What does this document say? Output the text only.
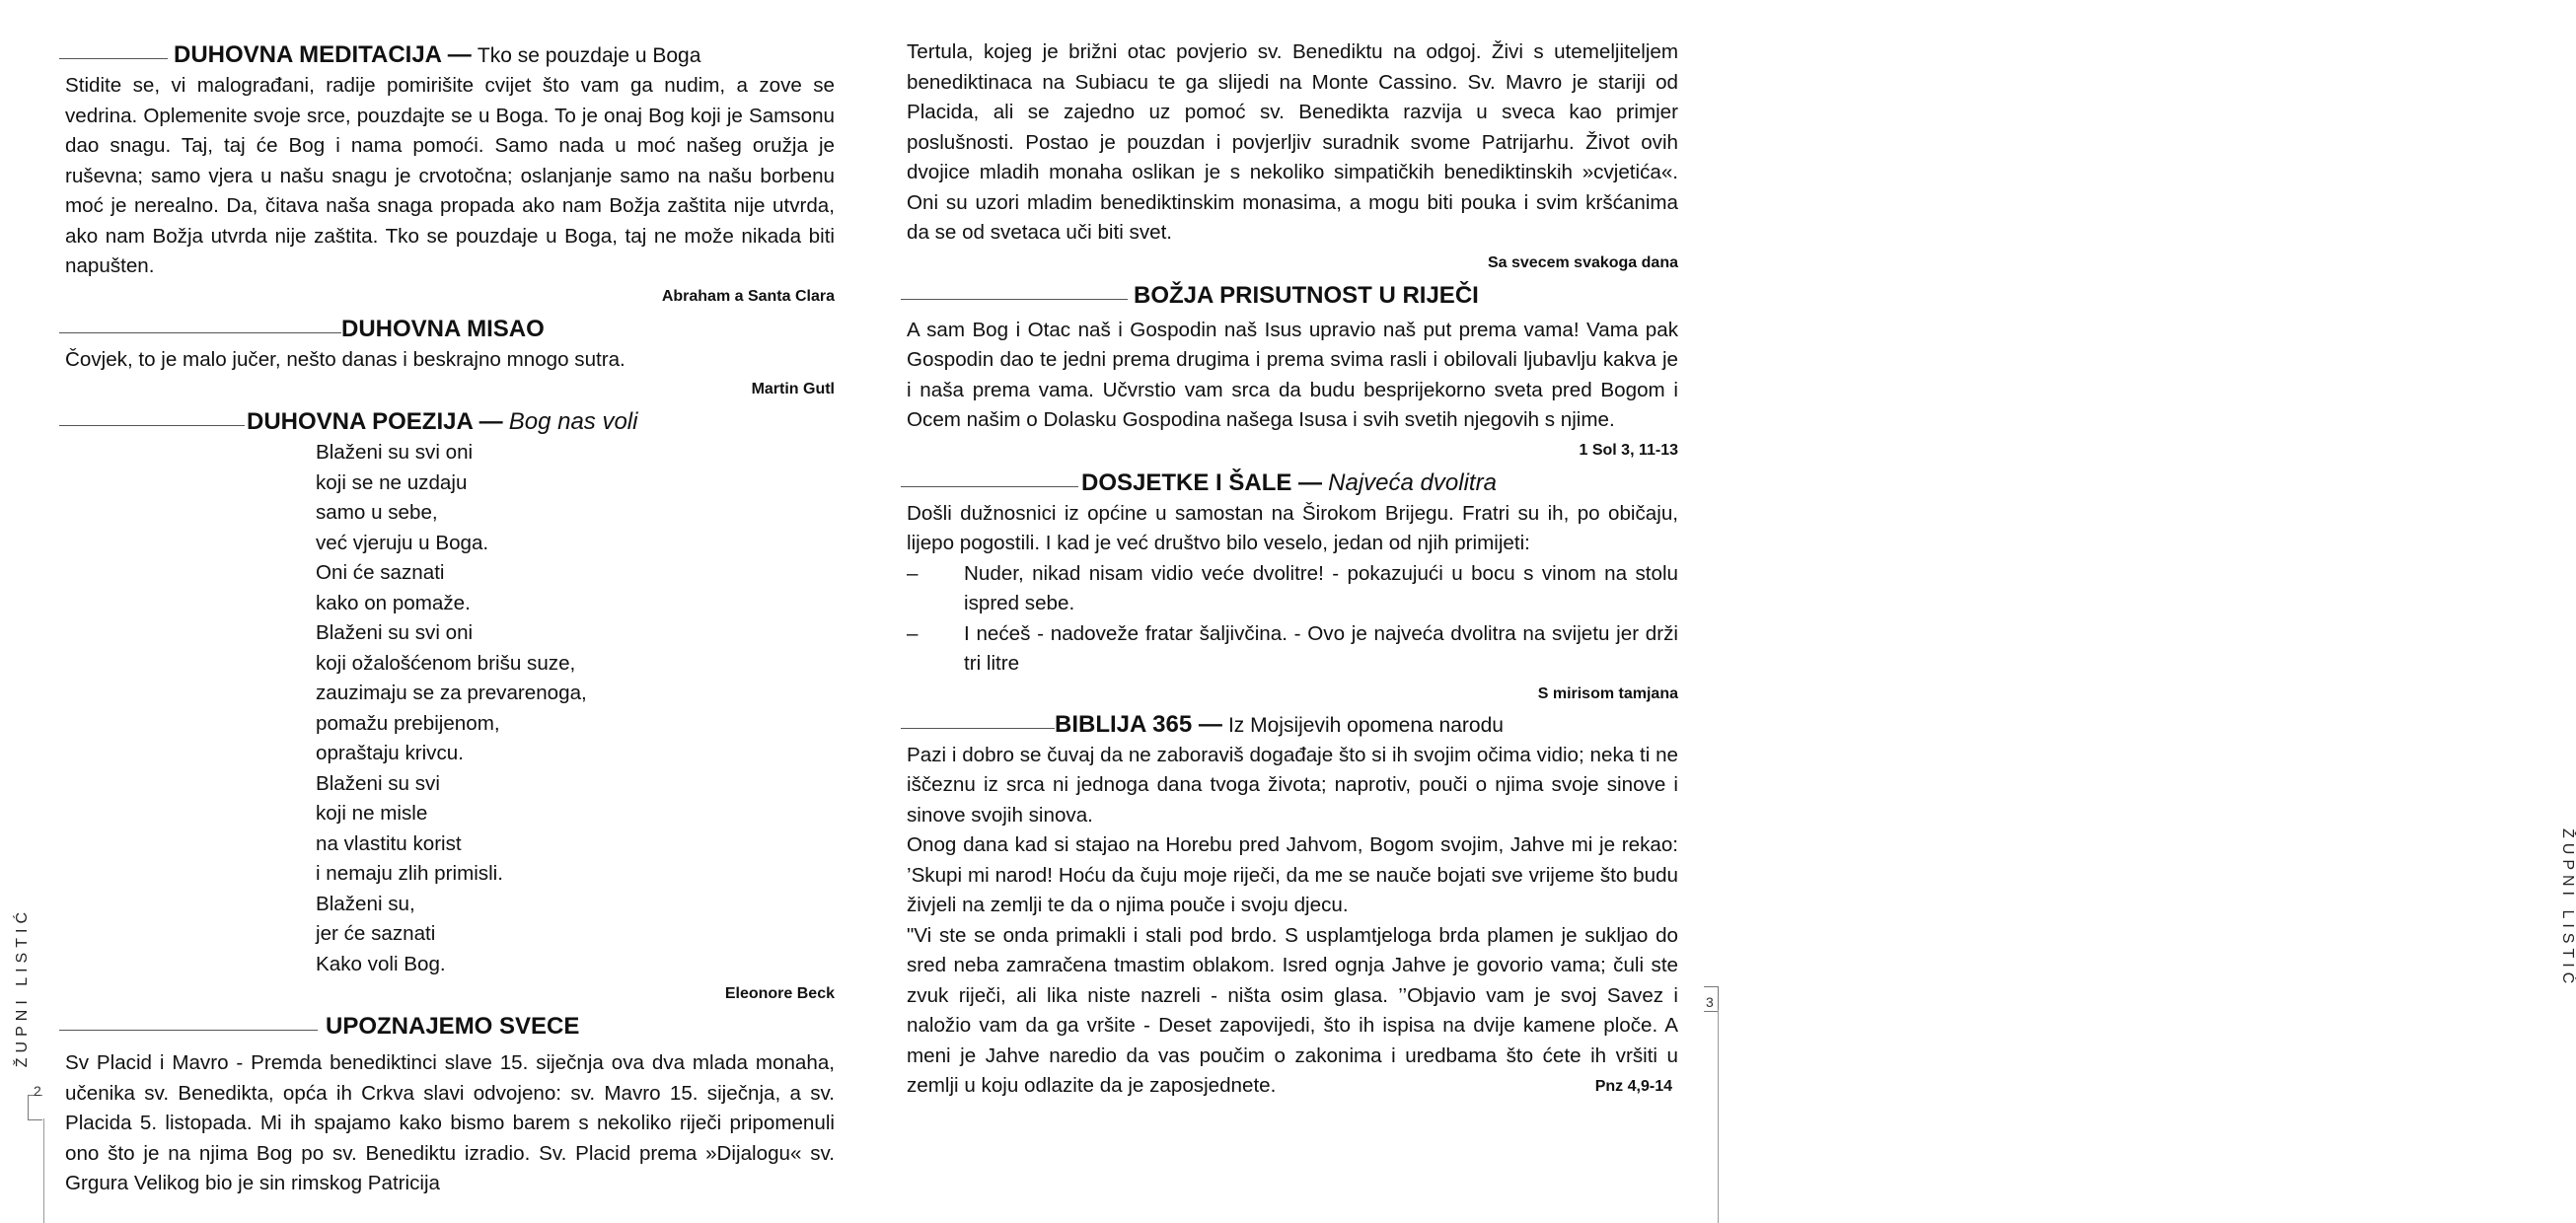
DUHOVNA MEDITACIJA — Tko se pouzdaje u Boga

Stidite se, vi malograđani, radije pomirišite cvijet što vam ga nudim, a zove se vedrina. Oplemenite svoje srce, pouzdajte se u Boga. To je onaj Bog koji je Samsonu dao snagu. Taj, taj će Bog i nama pomoći. Samo nada u moć našeg oružja je ruševna; samo vjera u našu snagu je crvotočna; oslanjanje samo na našu borbenu moć je nerealno. Da, čitava naša snaga propada ako nam Božja zaštita nije utvrda, ako nam Božja utvrda nije zaštita. Tko se pouzdaje u Boga, taj ne može nikada biti napušten.

Abraham a Santa Clara
DUHOVNA MISAO

Čovjek, to je malo jučer, nešto danas i beskrajno mnogo sutra.

Martin Gutl
DUHOVNA POEZIJA — Bog nas voli
Blaženi su svi oni
koji se ne uzdaju
samo u sebe,
već vjeruju u Boga.
Oni će saznati
kako on pomaže.
Blaženi su svi oni
koji ožalošćenom brišu suze,
zauzimaju se za prevarenoga,
pomažu prebijenom,
opraštaju krivcu.
Blaženi su svi
koji ne misle
na vlastitu korist
i nemaju zlih primisli.
Blaženi su,
jer će saznati
Kako voli Bog.
Eleonore Beck
UPOZNAJEMO SVECE

Sv Placid i Mavro - Premda benediktinci slave 15. siječnja ova dva mlada monaha, učenika sv. Benedikta, opća ih Crkva slavi odvojeno: sv. Mavro 15. siječnja, a sv. Placida 5. listopada. Mi ih spajamo kako bismo barem s nekoliko riječi pripomenuli ono što je na njima Bog po sv. Benediktu izradio. Sv. Placid prema »Dijalogu« sv. Grgura Velikog bio je sin rimskog Patricija

ŽUPNI LISTIĆ
2

Tertula, kojeg je brižni otac povjerio sv. Benediktu na odgoj. Živi s utemeljiteljem benediktinaca na Subiacu te ga slijedi na Monte Cassino. Sv. Mavro je stariji od Placida, ali se zajedno uz pomoć sv. Benedikta razvija u sveca kao primjer poslušnosti. Postao je pouzdan i povjerljiv suradnik svome Patrijarhu. Život ovih dvojice mladih monaha oslikan je s nekoliko simpatičkih benediktinskih »cvjetića«. Oni su uzori mladim benediktinskim monasima, a mogu biti pouka i svim kršćanima da se od svetaca uči biti svet.

Sa svecem svakoga dana
BOŽJA PRISUTNOST U RIJEČI

A sam Bog i Otac naš i Gospodin naš Isus upravio naš put prema vama! Vama pak Gospodin dao te jedni prema drugima i prema svima rasli i obilovali ljubavlju kakva je i naša prema vama. Učvrstio vam srca da budu besprijekorno sveta pred Bogom i Ocem našim o Dolasku Gospodina našega Isusa i svih svetih njegovih s njime.

1 Sol 3, 11-13
DOSJETKE I ŠALE — Najveća dvolitra

Došli dužnosnici iz općine u samostan na Širokom Brijegu. Fratri su ih, po običaju, lijepo pogostili. I kad je već društvo bilo veselo, jedan od njih primijeti:

– Nuder, nikad nisam vidio veće dvolitre! - pokazujući u bocu s vinom na stolu ispred sebe.
– I nećeš - nadoveže fratar šaljivčina. - Ovo je najveća dvolitra na svijetu jer drži tri litre
S mirisom tamjana
BIBLIJA 365 — Iz Mojsijevih opomena narodu

Pazi i dobro se čuvaj da ne zaboraviš događaje što si ih svojim očima vidio; neka ti ne iščeznu iz srca ni jednoga dana tvoga života; naprotiv, pouči o njima svoje sinove i sinove svojih sinova.

Onog dana kad si stajao na Horebu pred Jahvom, Bogom svojim, Jahve mi je rekao: ’Skupi mi narod! Hoću da čuju moje riječi, da me se nauče bojati sve vrijeme što budu živjeli na zemlji te da o njima pouče i svoju djecu.

"Vi ste se onda primakli i stali pod brdo. S usplamtjeloga brda plamen je sukljao do sred neba zamračena tmastim oblakom. Isred ognja Jahve je govorio vama; čuli ste zvuk riječi, ali lika niste nazreli - ništa osim glasa. ’’Objavio vam je svoj Savez i naložio vam da ga vršite - Deset zapovijedi, što ih ispisa na dvije kamene ploče. A meni je Jahve naredio da vas poučim o zakonima i uredbama što ćete ih vršiti u zemlji u koju odlazite da je zaposjednete.	Pnz 4,9-14
ŽUPNI LISTIĆ
3
